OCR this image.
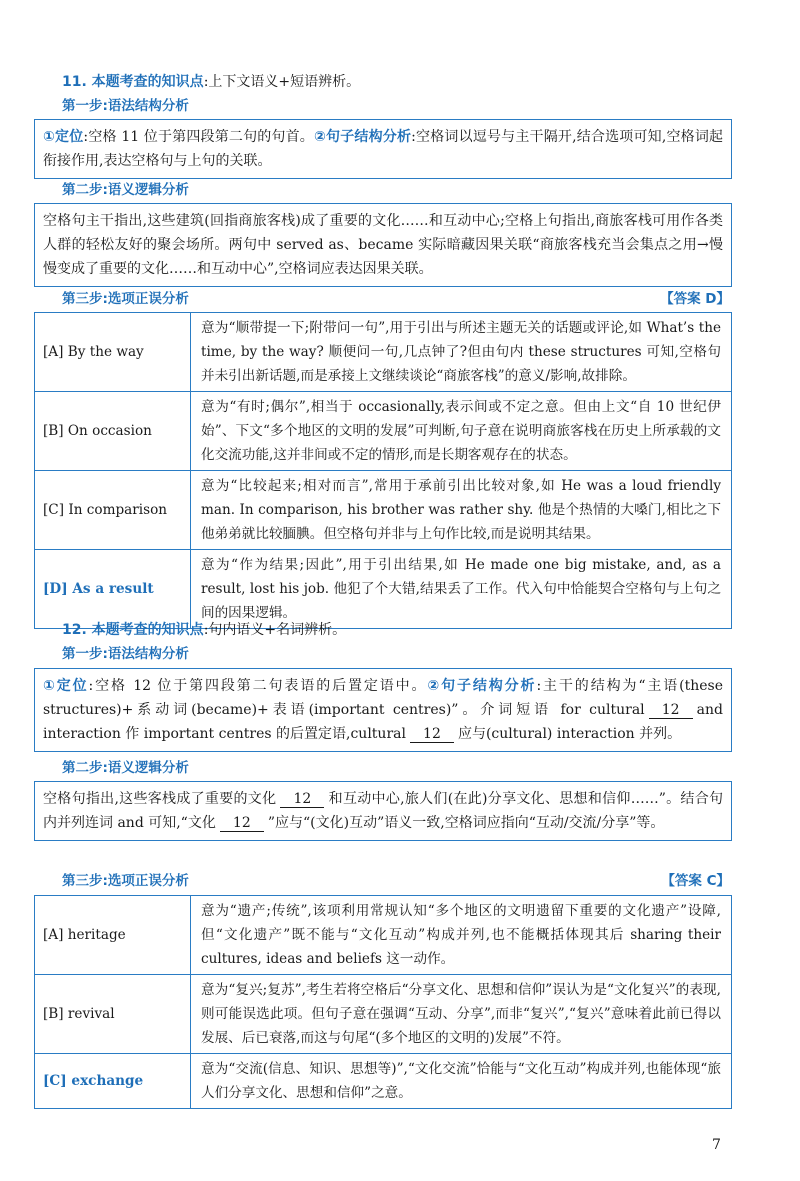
11. 本题考查的知识点:上下文语义+短语辨析。
第一步:语法结构分析
①定位:空格 11 位于第四段第二句的句首。②句子结构分析:空格词以逗号与主干隔开,结合选项可知,空格词起衔接作用,表达空格句与上句的关联。
第二步:语义逻辑分析
空格句主干指出,这些建筑(回指商旅客栈)成了重要的文化……和互动中心;空格上句指出,商旅客栈可用作各类人群的轻松友好的聚会场所。两句中 served as、became 实际暗藏因果关联“商旅客栈充当会集点之用→慢慢变成了重要的文化……和互动中心”,空格词应表达因果关联。
第三步:选项正误分析	【答案 D】
[A] By the way	意为“顺带提一下;附带问一句”,用于引出与所述主题无关的话题或评论,如 What’s the time, by the way? 顺便问一句,几点钟了?但由句内 these structures 可知,空格句并未引出新话题,而是承接上文继续谈论“商旅客栈”的意义/影响,故排除。
[B] On occasion	意为“有时;偶尔”,相当于 occasionally,表示间或不定之意。但由上文“自 10 世纪伊始”、下文“多个地区的文明的发展”可判断,句子意在说明商旅客栈在历史上所承载的文化交流功能,这并非间或不定的情形,而是长期客观存在的状态。
[C] In comparison	意为“比较起来;相对而言”,常用于承前引出比较对象,如 He was a loud friendly man. In comparison, his brother was rather shy. 他是个热情的大嗓门,相比之下他弟弟就比较腼腆。但空格句并非与上句作比较,而是说明其结果。
[D] As a result	意为“作为结果;因此”,用于引出结果,如 He made one big mistake, and, as a result, lost his job. 他犯了个大错,结果丢了工作。代入句中恰能契合空格句与上句之间的因果逻辑。
12. 本题考查的知识点:句内语义+名词辨析。
第一步:语法结构分析
①定位:空格 12 位于第四段第二句表语的后置定语中。②句子结构分析:主干的结构为“主语(these structures)+系动词(became)+表语(important centres)”。介词短语 for cultural 12 and interaction 作 important centres 的后置定语,cultural 12 应与(cultural) interaction 并列。
第二步:语义逻辑分析
空格句指出,这些客栈成了重要的文化 12 和互动中心,旅人们(在此)分享文化、思想和信仰……”。结合句内并列连词 and 可知,“文化 12 ”应与“(文化)互动”语义一致,空格词应指向“互动/交流/分享”等。
第三步:选项正误分析	【答案 C】
[A] heritage	意为“遗产;传统”,该项利用常规认知“多个地区的文明遗留下重要的文化遗产”设障,但“文化遗产”既不能与“文化互动”构成并列,也不能概括体现其后 sharing their cultures, ideas and beliefs 这一动作。
[B] revival	意为“复兴;复苏”,考生若将空格后“分享文化、思想和信仰”误认为是“文化复兴”的表现,则可能误选此项。但句子意在强调“互动、分享”,而非“复兴”,“复兴”意味着此前已得以发展、后已衰落,而这与句尾“(多个地区的文明的)发展”不符。
[C] exchange	意为“交流(信息、知识、思想等)”,“文化交流”恰能与“文化互动”构成并列,也能体现“旅人们分享文化、思想和信仰”之意。
7
